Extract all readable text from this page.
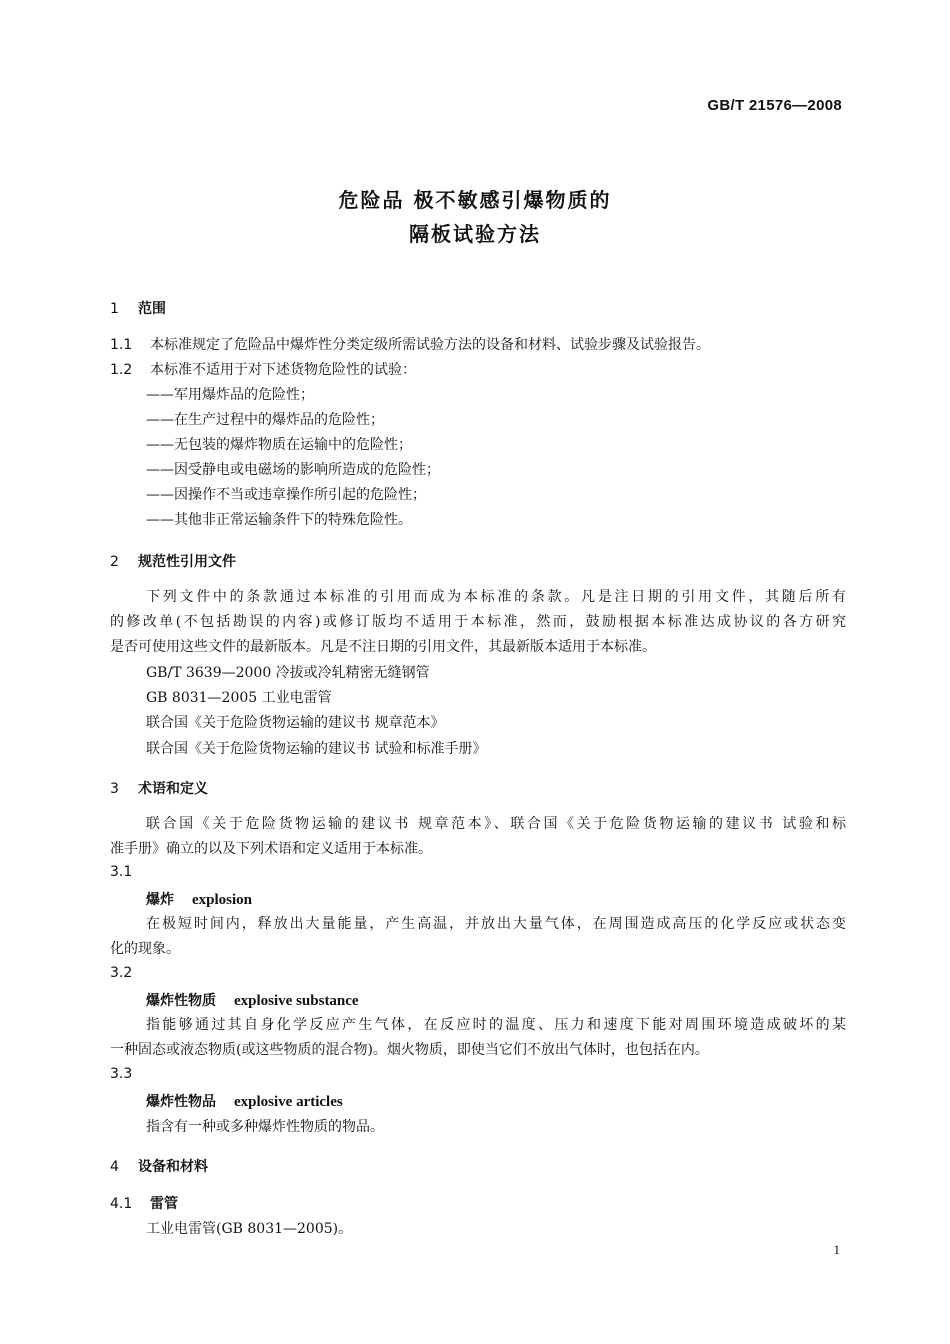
GB/T 21576—2008
危险品 极不敏感引爆物质的
隔板试验方法
1 范围
1.1 本标准规定了危险品中爆炸性分类定级所需试验方法的设备和材料、试验步骤及试验报告。
1.2 本标准不适用于对下述货物危险性的试验：
——军用爆炸品的危险性；
——在生产过程中的爆炸品的危险性；
——无包装的爆炸物质在运输中的危险性；
——因受静电或电磁场的影响所造成的危险性；
——因操作不当或违章操作所引起的危险性；
——其他非正常运输条件下的特殊危险性。
2 规范性引用文件
下列文件中的条款通过本标准的引用而成为本标准的条款。凡是注日期的引用文件，其随后所有
的修改单(不包括勘误的内容)或修订版均不适用于本标准，然而，鼓励根据本标准达成协议的各方研究
是否可使用这些文件的最新版本。凡是不注日期的引用文件，其最新版本适用于本标准。
GB/T 3639—2000 冷拔或冷轧精密无缝钢管
GB 8031—2005 工业电雷管
联合国《关于危险货物运输的建议书 规章范本》
联合国《关于危险货物运输的建议书 试验和标准手册》
3 术语和定义
联合国《关于危险货物运输的建议书 规章范本》、联合国《关于危险货物运输的建议书 试验和标
准手册》确立的以及下列术语和定义适用于本标准。
3.1
爆炸 explosion
在极短时间内，释放出大量能量，产生高温，并放出大量气体，在周围造成高压的化学反应或状态变
化的现象。
3.2
爆炸性物质 explosive substance
指能够通过其自身化学反应产生气体，在反应时的温度、压力和速度下能对周围环境造成破坏的某
一种固态或液态物质(或这些物质的混合物)。烟火物质，即使当它们不放出气体时，也包括在内。
3.3
爆炸性物品 explosive articles
指含有一种或多种爆炸性物质的物品。
4 设备和材料
4.1 雷管
工业电雷管(GB 8031—2005)。
1
